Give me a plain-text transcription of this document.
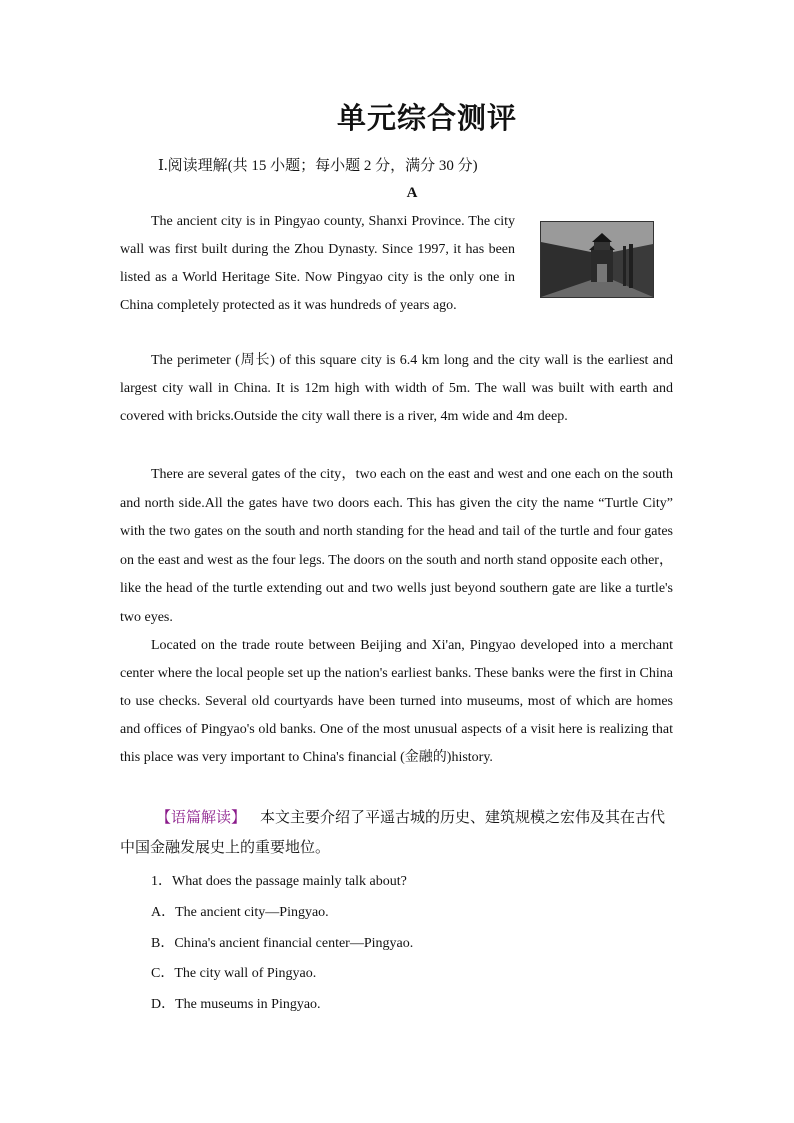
单元综合测评
Ⅰ.阅读理解(共 15 小题；每小题 2 分，满分 30 分)
A

The ancient city is in Pingyao county, Shanxi Province. The city wall was first built during the Zhou Dynasty. Since 1997, it has been listed as a World Heritage Site. Now Pingyao city is the only one in China completely protected as it was hundreds of years ago.

The perimeter (周长) of this square city is 6.4 km long and the city wall is the earliest and largest city wall in China. It is 12m high with width of 5m. The wall was built with earth and covered with bricks.Outside the city wall there is a river, 4m wide and 4m deep.

There are several gates of the city，two each on the east and west and one each on the south and north side.All the gates have two doors each. This has given the city the name “Turtle City” with the two gates on the south and north standing for the head and tail of the turtle and four gates on the east and west as the four legs. The doors on the south and north stand opposite each other，like the head of the turtle extending out and two wells just beyond southern gate are like a turtle's two eyes.

Located on the trade route between Beijing and Xi'an, Pingyao developed into a merchant center where the local people set up the nation's earliest banks. These banks were the first in China to use checks. Several old courtyards have been turned into museums, most of which are homes and offices of Pingyao's old banks. One of the most unusual aspects of a visit here is realizing that this place was very important to China's financial (金融的)history.

【语篇解读】 本文主要介绍了平遥古城的历史、建筑规模之宏伟及其在古代中国金融发展史上的重要地位。

1．What does the passage mainly talk about?
A．The ancient city—Pingyao.
B．China's ancient financial center—Pingyao.
C．The city wall of Pingyao.
D．The museums in Pingyao.
